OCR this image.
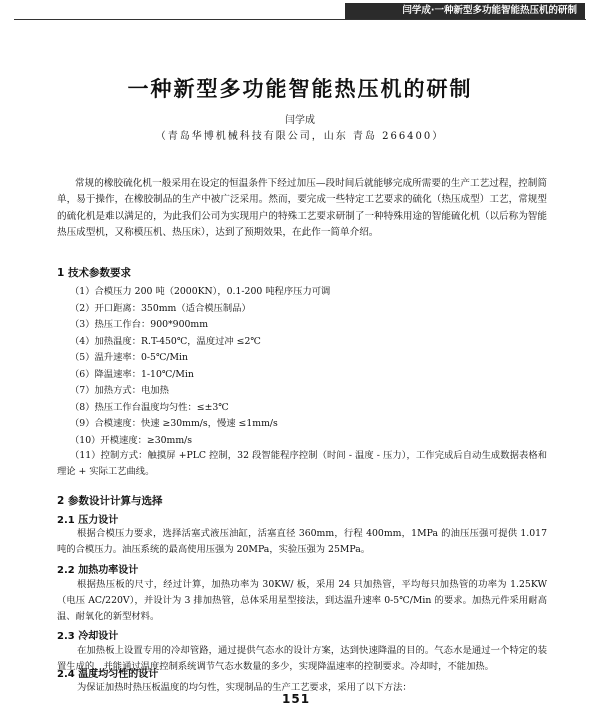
闫学成·一种新型多功能智能热压机的研制
一种新型多功能智能热压机的研制
闫学成
（青岛华博机械科技有限公司，山东 青岛 266400）
常规的橡胶硫化机一般采用在设定的恒温条件下经过加压—段时间后就能够完成所需要的生产工艺过程，控制简单，易于操作，在橡胶制品的生产中被广泛采用。然而，要完成一些特定工艺要求的硫化（热压成型）工艺，常规型的硫化机是难以满足的，为此我们公司为实现用户的特殊工艺要求研制了一种特殊用途的智能硫化机（以后称为智能热压成型机，又称模压机、热压床），达到了预期效果，在此作一简单介绍。
1 技术参数要求
（1）合模压力 200 吨（2000KN），0.1-200 吨程序压力可调
（2）开口距离：350mm（适合模压制品）
（3）热压工作台：900*900mm
（4）加热温度：R.T-450℃，温度过冲 ≤2℃
（5）温升速率：0-5℃/Min
（6）降温速率：1-10℃/Min
（7）加热方式：电加热
（8）热压工作台温度均匀性：≤±3℃
（9）合模速度：快速 ≥30mm/s，慢速 ≤1mm/s
（10）开模速度：≥30mm/s
（11）控制方式：触摸屏 +PLC 控制，32 段智能程序控制（时间 - 温度 - 压力），工作完成后自动生成数据表格和理论 + 实际工艺曲线。
2 参数设计计算与选择
2.1 压力设计
根据合模压力要求，选择活塞式液压油缸，活塞直径 360mm，行程 400mm，1MPa 的油压压强可提供 1.017 吨的合模压力。油压系统的最高使用压强为 20MPa，实验压强为 25MPa。
2.2 加热功率设计
根据热压板的尺寸，经过计算，加热功率为 30KW/ 板，采用 24 只加热管，平均每只加热管的功率为 1.25KW（电压 AC/220V），并设计为 3 排加热管，总体采用星型接法，到达温升速率 0-5℃/Min 的要求。加热元件采用耐高温、耐氧化的新型材料。
2.3 冷却设计
在加热板上设置专用的冷却管路，通过提供气态水的设计方案，达到快速降温的目的。气态水是通过一个特定的装置生成的，并能通过温度控制系统调节气态水数量的多少，实现降温速率的控制要求。冷却时，不能加热。
151
2.4 温度均匀性的设计
为保证加热时热压板温度的均匀性，实现制品的生产工艺要求，采用了以下方法：
